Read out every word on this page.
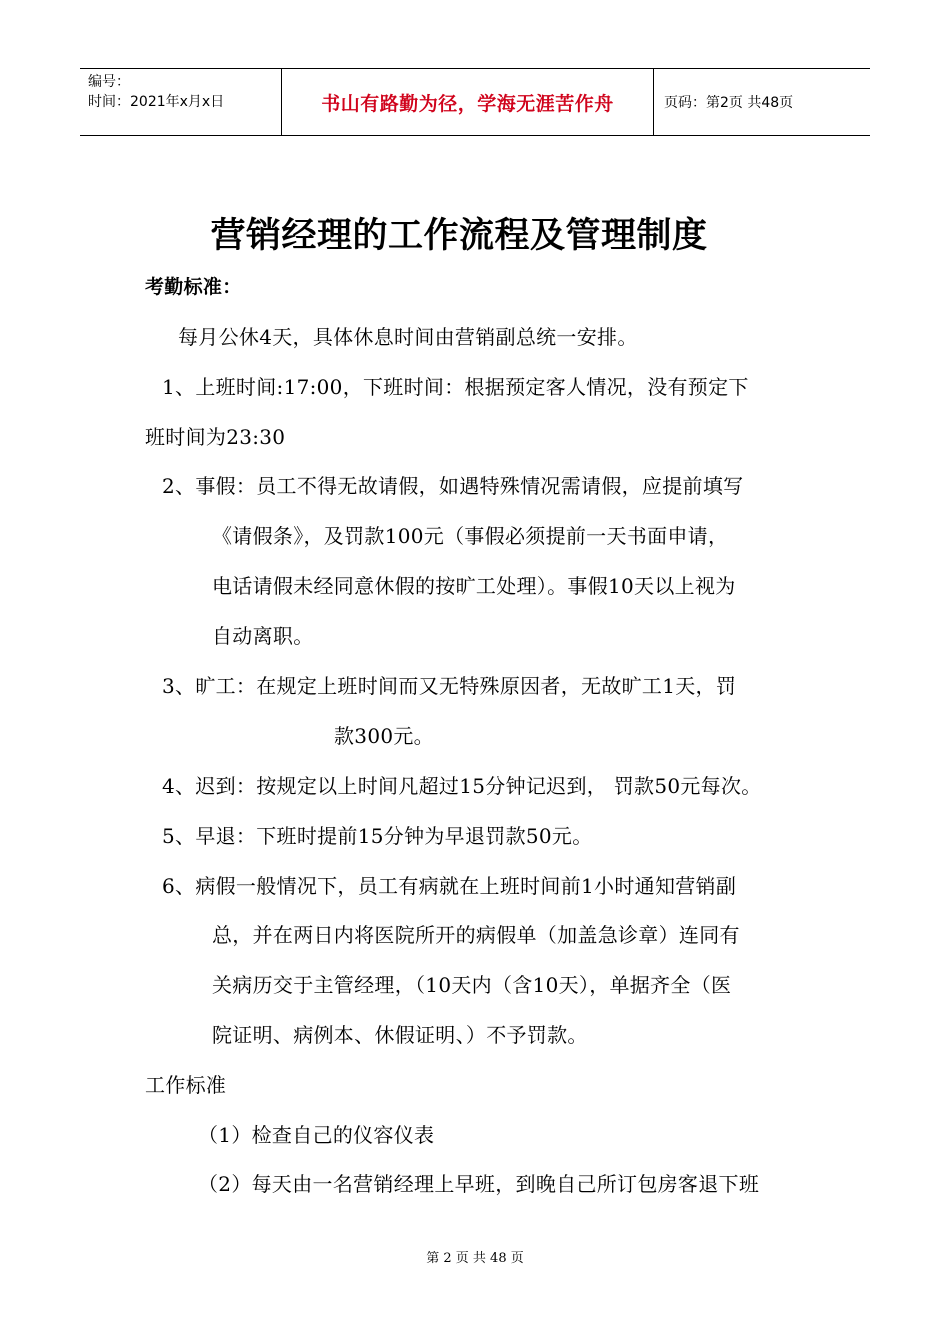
编号：
时间：2021年x月x日	书山有路勤为径，学海无涯苦作舟	页码：第2页 共48页
营销经理的工作流程及管理制度
考勤标准：
每月公休4天，具体休息时间由营销副总统一安排。
1、上班时间:17:00，下班时间：根据预定客人情况，没有预定下
班时间为23:30
2、事假：员工不得无故请假，如遇特殊情况需请假，应提前填写
《请假条》，及罚款100元（事假必须提前一天书面申请，
电话请假未经同意休假的按旷工处理）。事假10天以上视为
自动离职。
3、旷工：在规定上班时间而又无特殊原因者，无故旷工1天，罚
款300元。
4、迟到：按规定以上时间凡超过15分钟记迟到， 罚款50元每次。
5、早退：下班时提前15分钟为早退罚款50元。
6、病假一般情况下，员工有病就在上班时间前1小时通知营销副
总，并在两日内将医院所开的病假单（加盖急诊章）连同有
关病历交于主管经理，（10天内（含10天），单据齐全（医
院证明、病例本、休假证明、）不予罚款。
工作标准
（1）检查自己的仪容仪表
（2）每天由一名营销经理上早班，到晚自己所订包房客退下班
第 2 页 共 48 页
